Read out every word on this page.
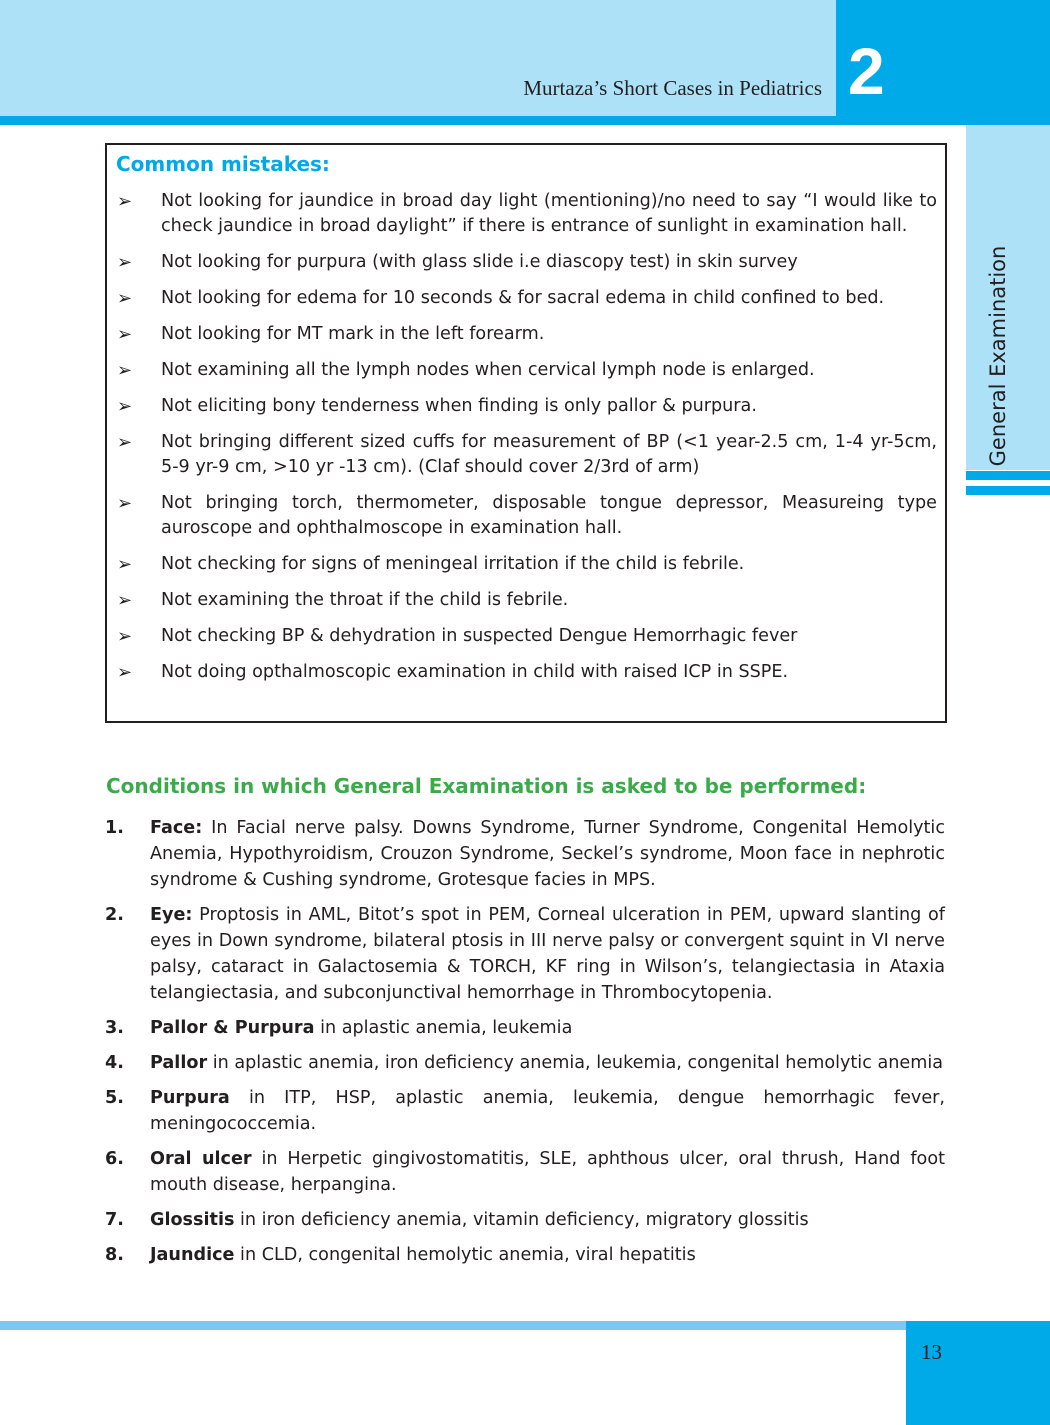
Murtaza’s Short Cases in Pediatrics 2
General Examination
Common mistakes:
➢ Not looking for jaundice in broad day light (mentioning)/no need to say “I would like to check jaundice in broad daylight” if there is entrance of sunlight in examination hall.
➢ Not looking for purpura (with glass slide i.e diascopy test) in skin survey
➢ Not looking for edema for 10 seconds & for sacral edema in child confined to bed.
➢ Not looking for MT mark in the left forearm.
➢ Not examining all the lymph nodes when cervical lymph node is enlarged.
➢ Not eliciting bony tenderness when finding is only pallor & purpura.
➢ Not bringing different sized cuffs for measurement of BP (<1 year-2.5 cm, 1-4 yr-5cm, 5-9 yr-9 cm, >10 yr -13 cm). (Claf should cover 2/3rd of arm)
➢ Not bringing torch, thermometer, disposable tongue depressor, Measureing type auroscope and ophthalmoscope in examination hall.
➢ Not checking for signs of meningeal irritation if the child is febrile.
➢ Not examining the throat if the child is febrile.
➢ Not checking BP & dehydration in suspected Dengue Hemorrhagic fever
➢ Not doing opthalmoscopic examination in child with raised ICP in SSPE.
Conditions in which General Examination is asked to be performed:
1. Face: In Facial nerve palsy. Downs Syndrome, Turner Syndrome, Congenital Hemolytic Anemia, Hypothyroidism, Crouzon Syndrome, Seckel’s syndrome, Moon face in nephrotic syndrome & Cushing syndrome, Grotesque facies in MPS.
2. Eye: Proptosis in AML, Bitot’s spot in PEM, Corneal ulceration in PEM, upward slanting of eyes in Down syndrome, bilateral ptosis in III nerve palsy or convergent squint in VI nerve palsy, cataract in Galactosemia & TORCH, KF ring in Wilson’s, telangiectasia in Ataxia telangiectasia, and subconjunctival hemorrhage in Thrombocytopenia.
3. Pallor & Purpura in aplastic anemia, leukemia
4. Pallor in aplastic anemia, iron deficiency anemia, leukemia, congenital hemolytic anemia
5. Purpura in ITP, HSP, aplastic anemia, leukemia, dengue hemorrhagic fever, meningococcemia.
6. Oral ulcer in Herpetic gingivostomatitis, SLE, aphthous ulcer, oral thrush, Hand foot mouth disease, herpangina.
7. Glossitis in iron deficiency anemia, vitamin deficiency, migratory glossitis
8. Jaundice in CLD, congenital hemolytic anemia, viral hepatitis
13
